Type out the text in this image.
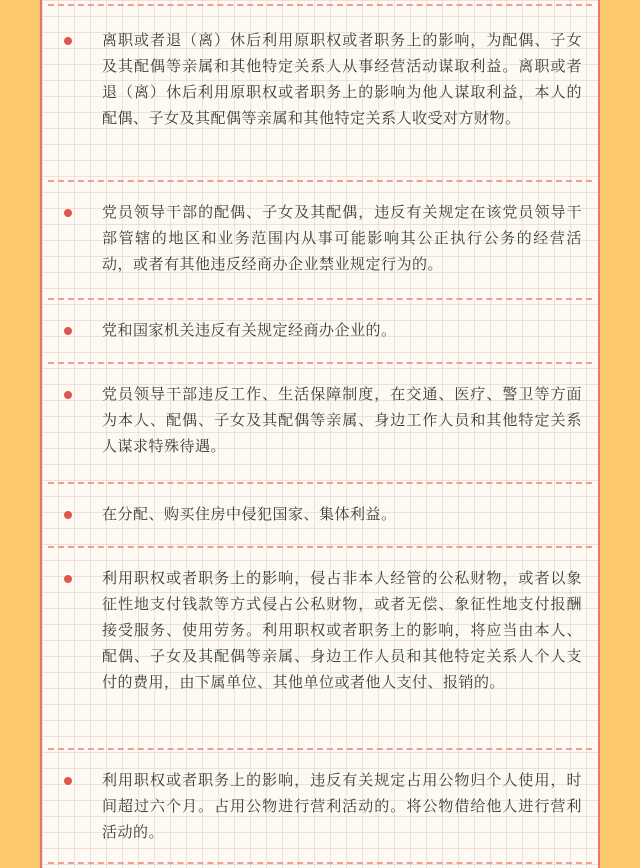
离职或者退（离）休后利用原职权或者职务上的影响，为配偶、子女及其配偶等亲属和其他特定关系人从事经营活动谋取利益。离职或者退（离）休后利用原职权或者职务上的影响为他人谋取利益，本人的配偶、子女及其配偶等亲属和其他特定关系人收受对方财物。

党员领导干部的配偶、子女及其配偶，违反有关规定在该党员领导干部管辖的地区和业务范围内从事可能影响其公正执行公务的经营活动，或者有其他违反经商办企业禁业规定行为的。

党和国家机关违反有关规定经商办企业的。

党员领导干部违反工作、生活保障制度，在交通、医疗、警卫等方面为本人、配偶、子女及其配偶等亲属、身边工作人员和其他特定关系人谋求特殊待遇。

在分配、购买住房中侵犯国家、集体利益。

利用职权或者职务上的影响，侵占非本人经管的公私财物，或者以象征性地支付钱款等方式侵占公私财物，或者无偿、象征性地支付报酬接受服务、使用劳务。利用职权或者职务上的影响，将应当由本人、配偶、子女及其配偶等亲属、身边工作人员和其他特定关系人个人支付的费用，由下属单位、其他单位或者他人支付、报销的。

利用职权或者职务上的影响，违反有关规定占用公物归个人使用，时间超过六个月。占用公物进行营利活动的。将公物借给他人进行营利活动的。
